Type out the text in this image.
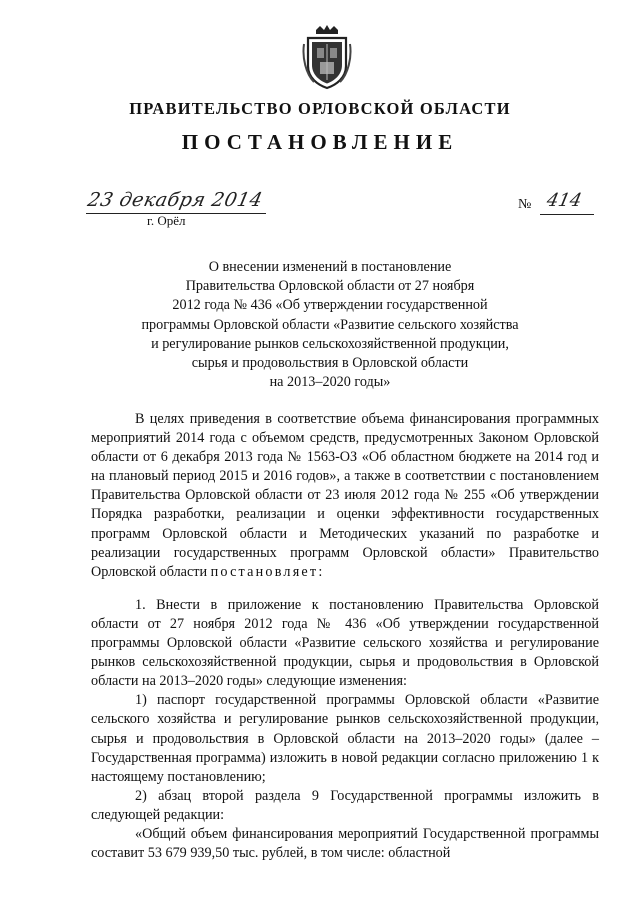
ПРАВИТЕЛЬСТВО ОРЛОВСКОЙ ОБЛАСТИ
ПОСТАНОВЛЕНИЕ
23 декабря 2014
г. Орёл
№ 414
О внесении изменений в постановление
Правительства Орловской области от 27 ноября
2012 года № 436 «Об утверждении государственной
программы Орловской области «Развитие сельского хозяйства
и регулирование рынков сельскохозяйственной продукции,
сырья и продовольствия в Орловской области
на 2013–2020 годы»

В целях приведения в соответствие объема финансирования программных мероприятий 2014 года с объемом средств, предусмотренных Законом Орловской области от 6 декабря 2013 года № 1563-ОЗ «Об областном бюджете на 2014 год и на плановый период 2015 и 2016 годов», а также в соответствии с постановлением Правительства Орловской области от 23 июля 2012 года № 255 «Об утверждении Порядка разработки, реализации и оценки эффективности государственных программ Орловской области и Методических указаний по разработке и реализации государственных программ Орловской области» Правительство Орловской области постановляет:

1. Внести в приложение к постановлению Правительства Орловской области от 27 ноября 2012 года № 436 «Об утверждении государственной программы Орловской области «Развитие сельского хозяйства и регулирование рынков сельскохозяйственной продукции, сырья и продовольствия в Орловской области на 2013–2020 годы» следующие изменения:

1) паспорт государственной программы Орловской области «Развитие сельского хозяйства и регулирование рынков сельскохозяйственной продукции, сырья и продовольствия в Орловской области на 2013–2020 годы» (далее – Государственная программа) изложить в новой редакции согласно приложению 1 к настоящему постановлению;

2) абзац второй раздела 9 Государственной программы изложить в следующей редакции:

«Общий объем финансирования мероприятий Государственной программы составит 53 679 939,50 тыс. рублей, в том числе: областной
